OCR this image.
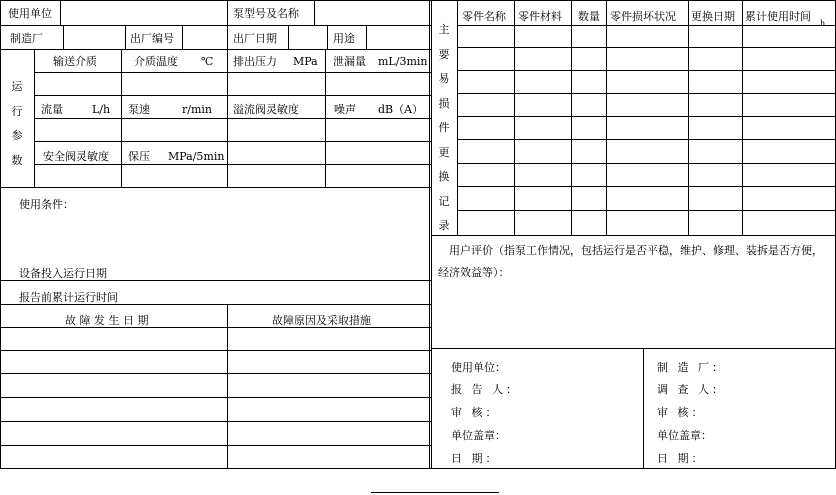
使用单位	泵型号及名称
制造厂	出厂编号	出厂日期	用途
运
行
参
数
输送介质	介质温度 ℃ 排出压力 MPa 泄漏量 mL/3min
流量	L/h 泵速	r/min 溢流阀灵敏度	噪声 dB（A）
安全阀灵敏度 保压 MPa/5min
使用条件：
设备投入运行日期
报告前累计运行时间
故 障 发 生 日 期	故障原因及采取措施
主
要
易
损
件
更
换
记
录
零件名称 零件材料 数量 零件损坏状况 更换日期 累计使用时间
h
用户评价（指泵工作情况，包括运行是否平稳，维护、修理、装拆是否方便，
经济效益等）：
使用单位：
报 告 人：
审 核：
单位盖章：
日 期：
制 造 厂：
调 查 人：
审 核：
单位盖章：
日 期：
